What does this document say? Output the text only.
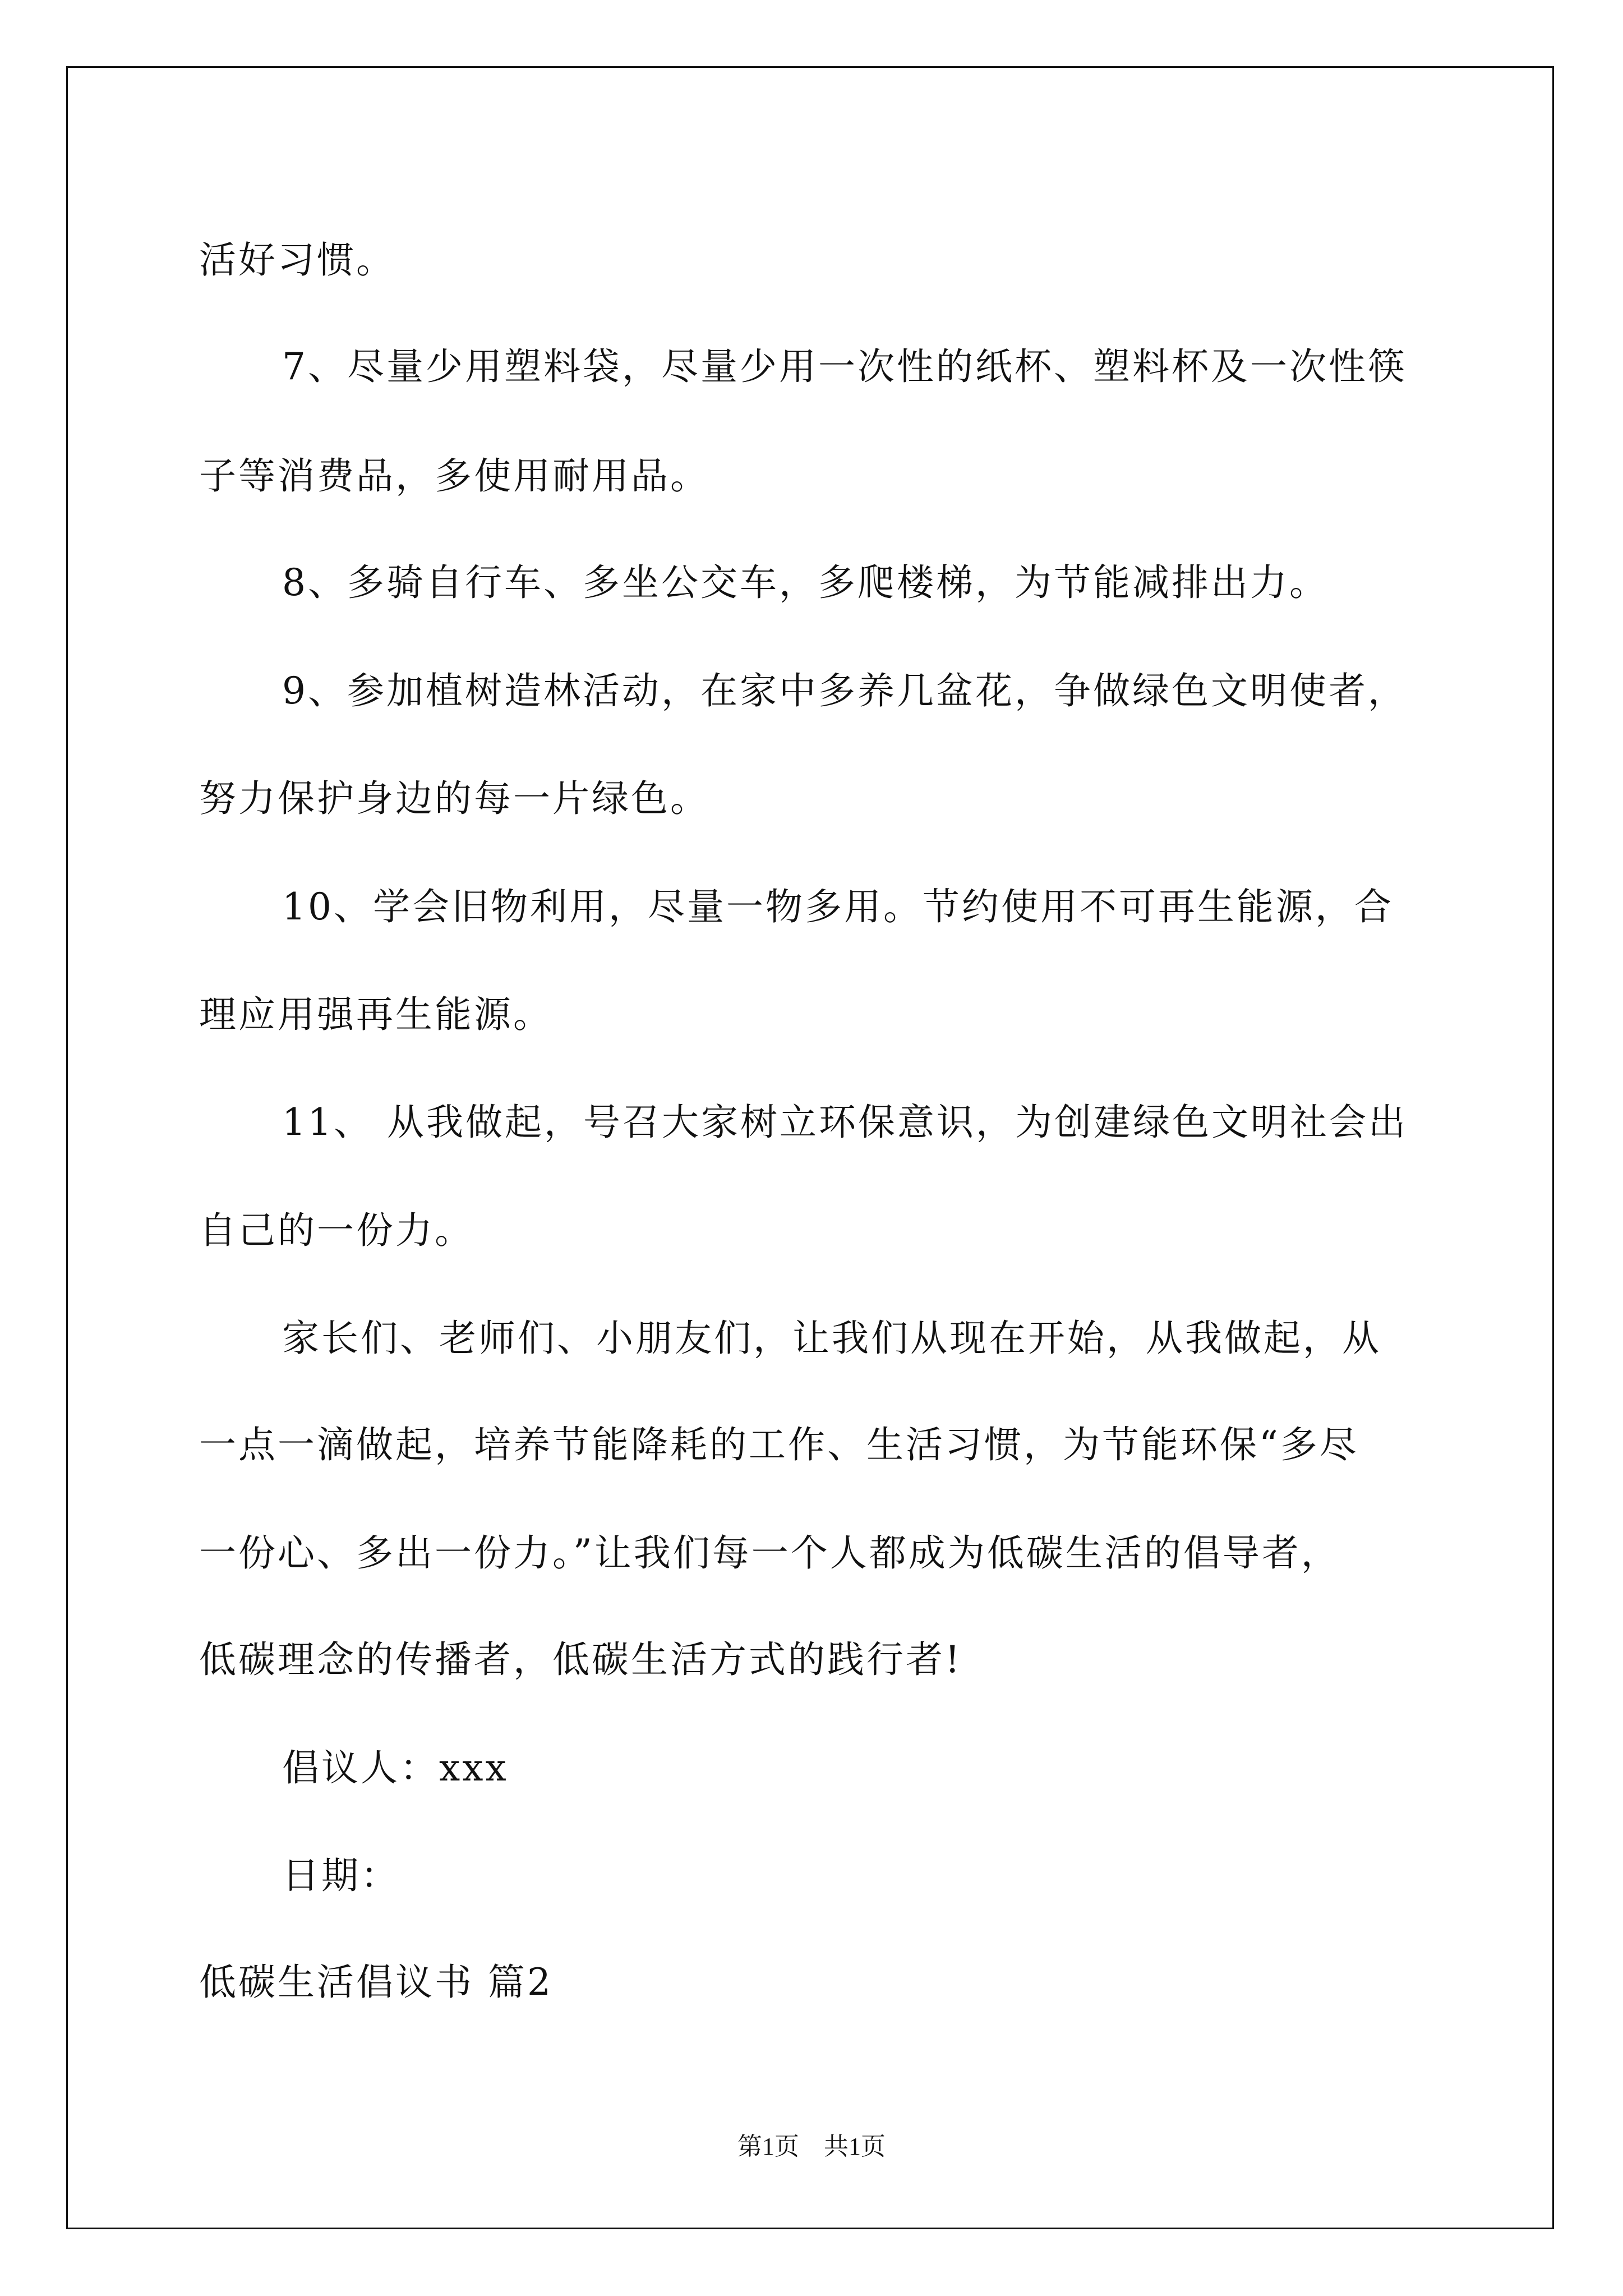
活好习惯。
7、尽量少用塑料袋，尽量少用一次性的纸杯、塑料杯及一次性筷
子等消费品，多使用耐用品。
8、多骑自行车、多坐公交车，多爬楼梯，为节能减排出力。
9、参加植树造林活动，在家中多养几盆花，争做绿色文明使者，
努力保护身边的每一片绿色。
10、学会旧物利用，尽量一物多用。节约使用不可再生能源，合
理应用强再生能源。
11、 从我做起，号召大家树立环保意识，为创建绿色文明社会出
自己的一份力。
家长们、老师们、小朋友们，让我们从现在开始，从我做起，从
一点一滴做起，培养节能降耗的工作、生活习惯，为节能环保“多尽
一份心、多出一份力。”让我们每一个人都成为低碳生活的倡导者，
低碳理念的传播者，低碳生活方式的践行者!
倡议人：xxx
日期：
低碳生活倡议书 篇2
第1页 共1页
